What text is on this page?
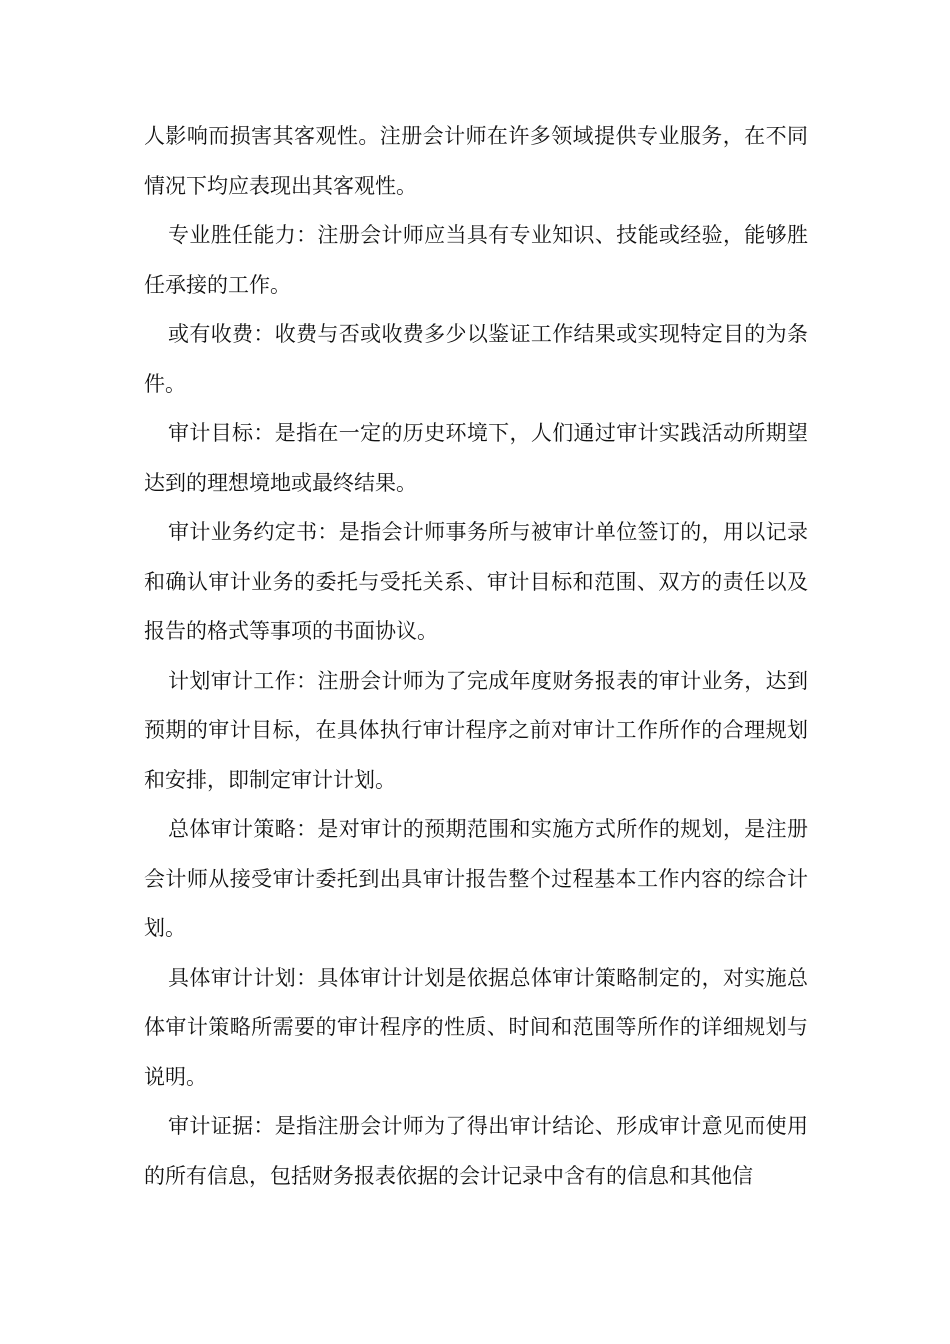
人影响而损害其客观性。注册会计师在许多领域提供专业服务，在不同情况下均应表现出其客观性。

专业胜任能力：注册会计师应当具有专业知识、技能或经验，能够胜任承接的工作。

或有收费：收费与否或收费多少以鉴证工作结果或实现特定目的为条件。

审计目标：是指在一定的历史环境下，人们通过审计实践活动所期望达到的理想境地或最终结果。

审计业务约定书：是指会计师事务所与被审计单位签订的，用以记录和确认审计业务的委托与受托关系、审计目标和范围、双方的责任以及报告的格式等事项的书面协议。

计划审计工作：注册会计师为了完成年度财务报表的审计业务，达到预期的审计目标，在具体执行审计程序之前对审计工作所作的合理规划和安排，即制定审计计划。

总体审计策略：是对审计的预期范围和实施方式所作的规划，是注册会计师从接受审计委托到出具审计报告整个过程基本工作内容的综合计划。

具体审计计划：具体审计计划是依据总体审计策略制定的，对实施总体审计策略所需要的审计程序的性质、时间和范围等所作的详细规划与说明。

审计证据：是指注册会计师为了得出审计结论、形成审计意见而使用的所有信息，包括财务报表依据的会计记录中含有的信息和其他信
